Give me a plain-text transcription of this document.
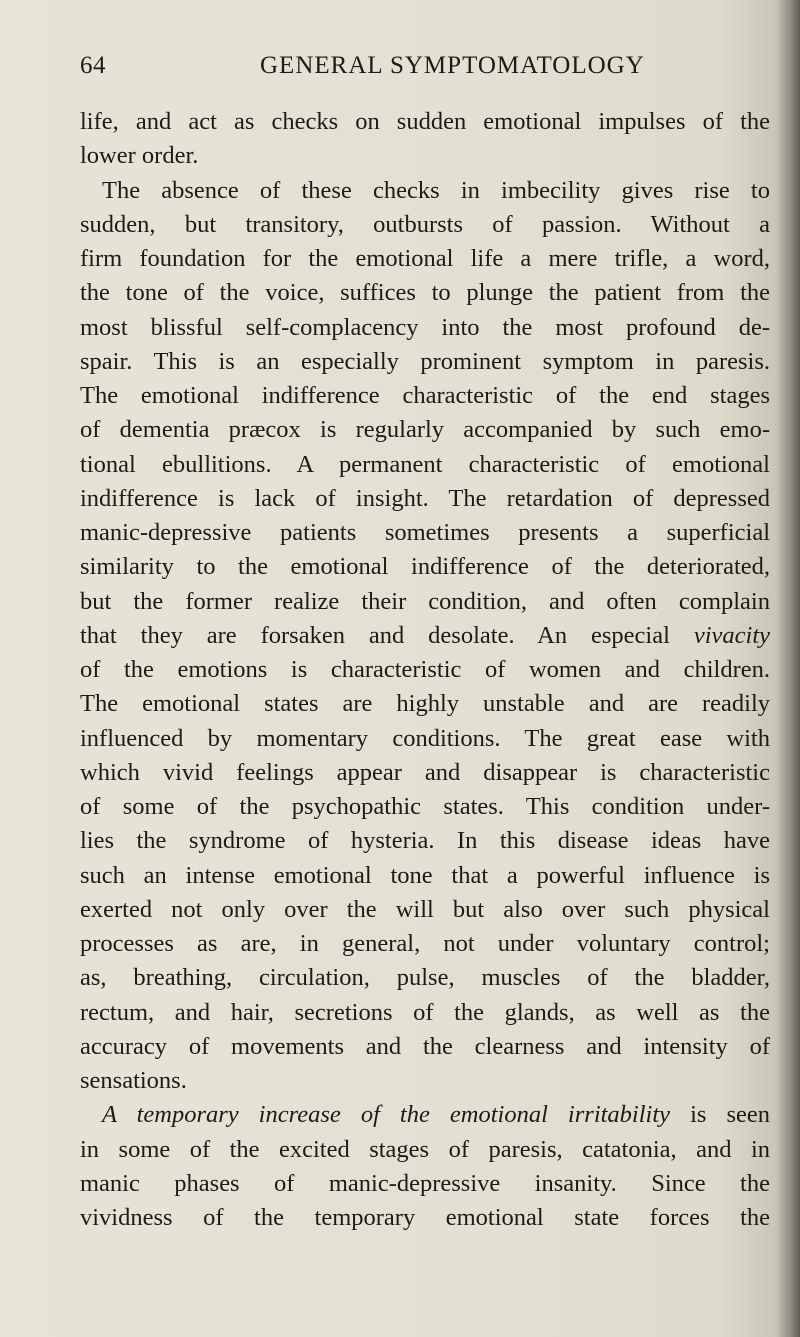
64	GENERAL SYMPTOMATOLOGY
life, and act as checks on sudden emotional impulses of the
lower order.
The absence of these checks in imbecility gives rise to
sudden, but transitory, outbursts of passion. Without a
firm foundation for the emotional life a mere trifle, a word,
the tone of the voice, suffices to plunge the patient from the
most blissful self-complacency into the most profound de-
spair. This is an especially prominent symptom in paresis.
The emotional indifference characteristic of the end stages
of dementia præcox is regularly accompanied by such emo-
tional ebullitions. A permanent characteristic of emotional
indifference is lack of insight. The retardation of depressed
manic-depressive patients sometimes presents a superficial
similarity to the emotional indifference of the deteriorated,
but the former realize their condition, and often complain
that they are forsaken and desolate. An especial vivacity
of the emotions is characteristic of women and children.
The emotional states are highly unstable and are readily
influenced by momentary conditions. The great ease with
which vivid feelings appear and disappear is characteristic
of some of the psychopathic states. This condition under-
lies the syndrome of hysteria. In this disease ideas have
such an intense emotional tone that a powerful influence is
exerted not only over the will but also over such physical
processes as are, in general, not under voluntary control;
as, breathing, circulation, pulse, muscles of the bladder,
rectum, and hair, secretions of the glands, as well as the
accuracy of movements and the clearness and intensity of
sensations.
A temporary increase of the emotional irritability is seen
in some of the excited stages of paresis, catatonia, and in
manic phases of manic-depressive insanity. Since the
vividness of the temporary emotional state forces the
